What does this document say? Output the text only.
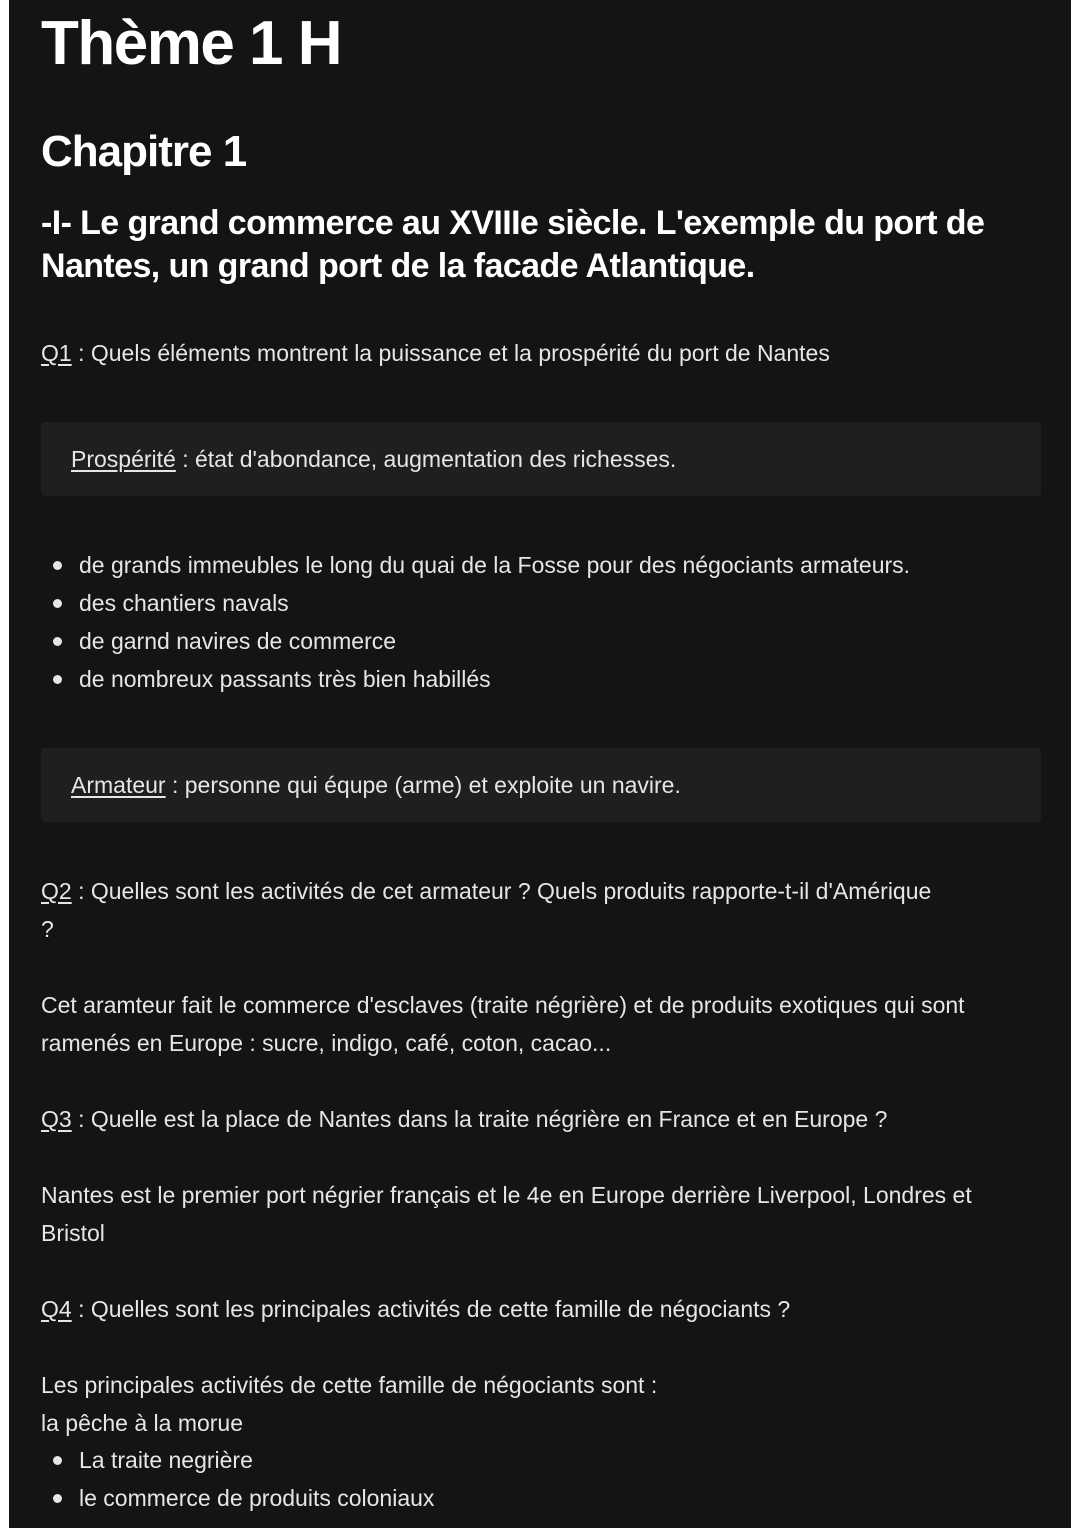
Thème 1 H
Chapitre 1
-I- Le grand commerce au XVIIIe siècle. L'exemple du port de Nantes, un grand port de la facade Atlantique.

Q1 : Quels éléments montrent la puissance et la prospérité du port de Nantes

Prospérité : état d'abondance, augmentation des richesses.
de grands immeubles le long du quai de la Fosse pour des négociants armateurs.
des chantiers navals
de garnd navires de commerce
de nombreux passants très bien habillés
Armateur : personne qui équpe (arme) et exploite un navire.

Q2 : Quelles sont les activités de cet armateur ? Quels produits rapporte-t-il d'Amérique ?

Cet aramteur fait le commerce d'esclaves (traite négrière) et de produits exotiques qui sont ramenés en Europe : sucre, indigo, café, coton, cacao...

Q3 : Quelle est la place de Nantes dans la traite négrière en France et en Europe ?

Nantes est le premier port négrier français et le 4e en Europe derrière Liverpool, Londres et Bristol

Q4 : Quelles sont les principales activités de cette famille de négociants ?

Les principales activités de cette famille de négociants sont :

la pêche à la morue

La traite negrière
le commerce de produits coloniaux
